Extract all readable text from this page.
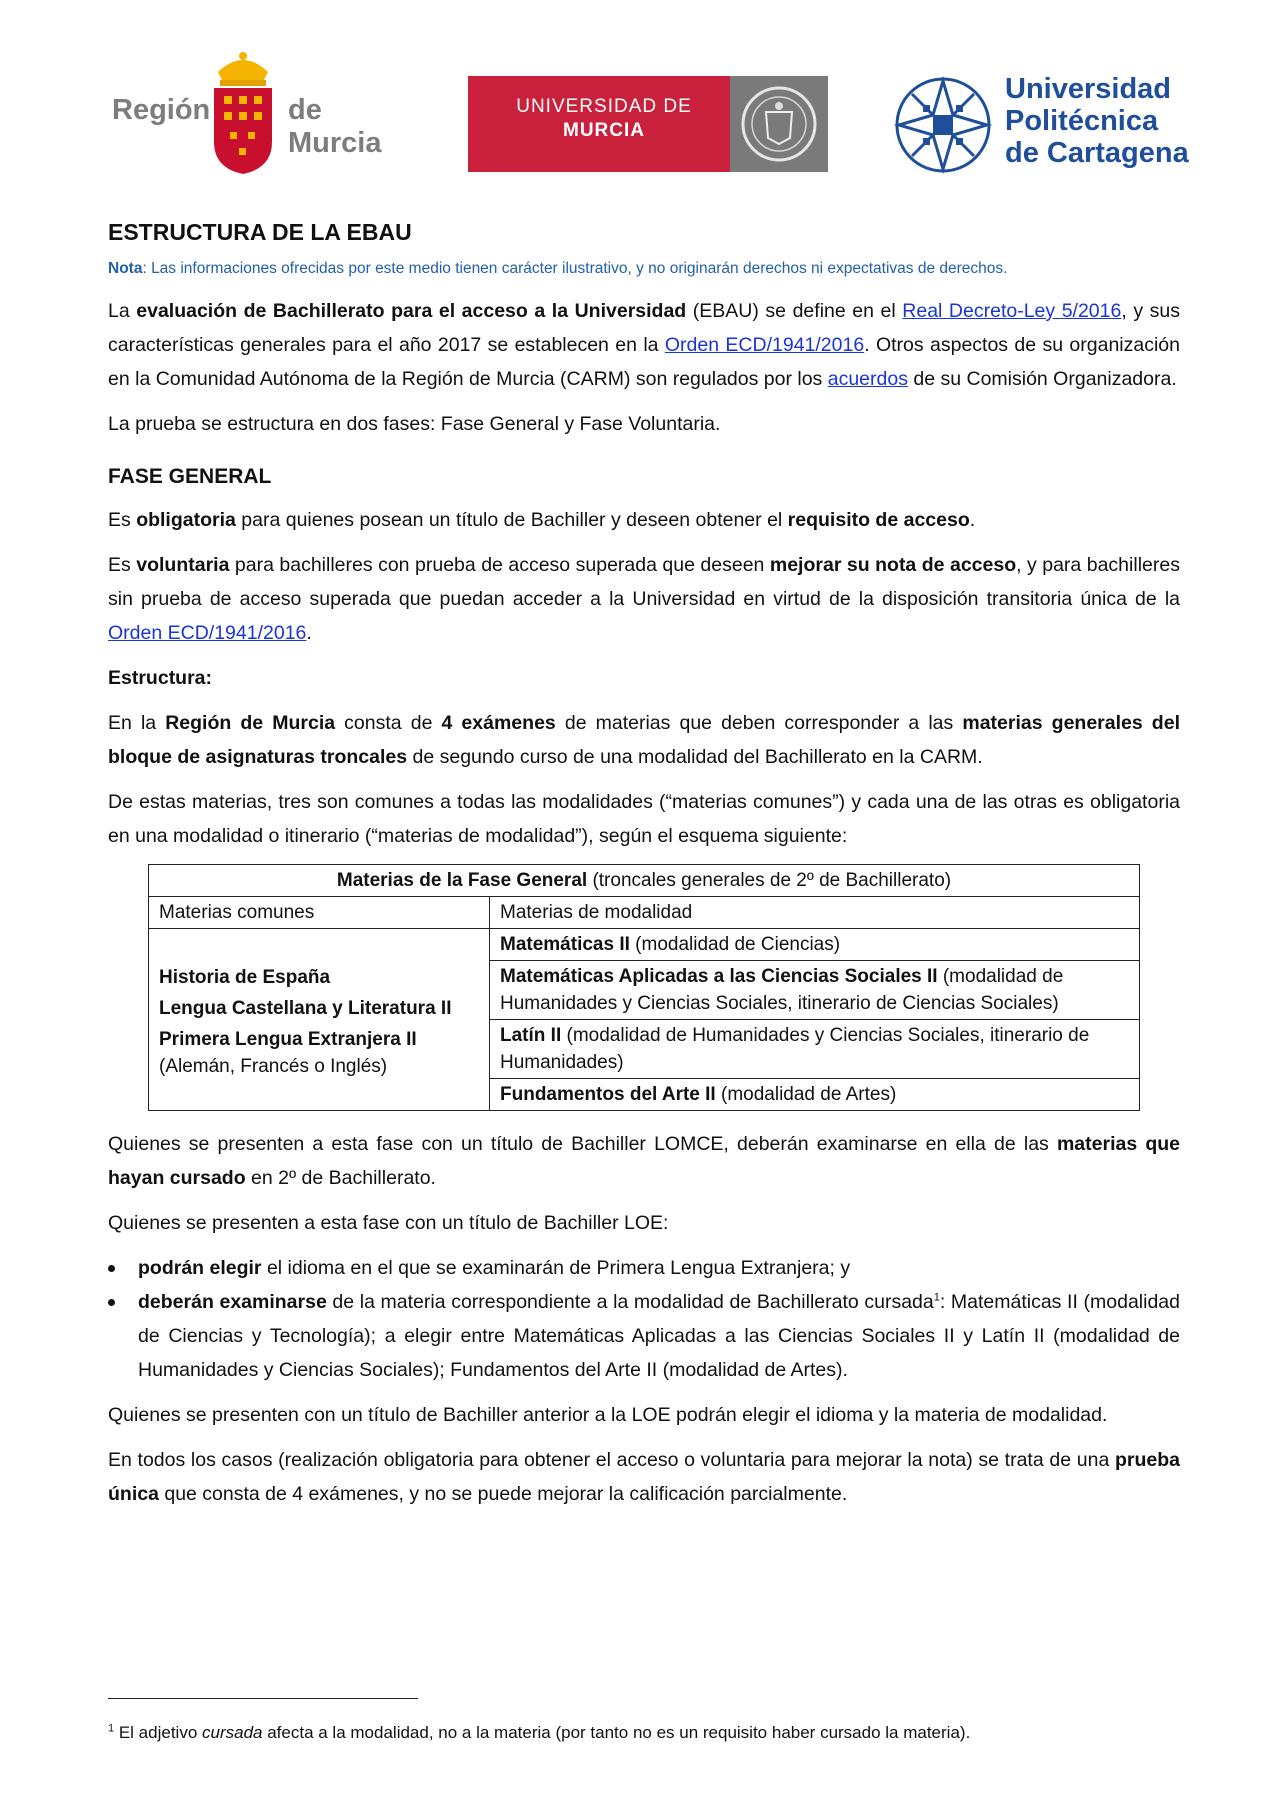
Región	de Murcia
UNIVERSIDAD DE
MURCIA
Universidad
Politécnica
de Cartagena
ESTRUCTURA DE LA EBAU
Nota: Las informaciones ofrecidas por este medio tienen carácter ilustrativo, y no originarán derechos ni expectativas de derechos.

La evaluación de Bachillerato para el acceso a la Universidad (EBAU) se define en el Real Decreto-Ley 5/2016, y sus características generales para el año 2017 se establecen en la Orden ECD/1941/2016. Otros aspectos de su organización en la Comunidad Autónoma de la Región de Murcia (CARM) son regulados por los acuerdos de su Comisión Organizadora.

La prueba se estructura en dos fases: Fase General y Fase Voluntaria.

FASE GENERAL

Es obligatoria para quienes posean un título de Bachiller y deseen obtener el requisito de acceso.

Es voluntaria para bachilleres con prueba de acceso superada que deseen mejorar su nota de acceso, y para bachilleres sin prueba de acceso superada que puedan acceder a la Universidad en virtud de la disposición transitoria única de la Orden ECD/1941/2016.

Estructura:

En la Región de Murcia consta de 4 exámenes de materias que deben corresponder a las materias generales del bloque de asignaturas troncales de segundo curso de una modalidad del Bachillerato en la CARM.

De estas materias, tres son comunes a todas las modalidades (“materias comunes”) y cada una de las otras es obligatoria en una modalidad o itinerario (“materias de modalidad”), según el esquema siguiente:

Materias de la Fase General (troncales generales de 2º de Bachillerato)	
Materias comunes	Materias de modalidad

Historia de España
Lengua Castellana y Literatura II
Primera Lengua Extranjera II
(Alemán, Francés o Inglés)	Matemáticas II (modalidad de Ciencias)
	Matemáticas Aplicadas a las Ciencias Sociales II (modalidad de Humanidades y Ciencias Sociales, itinerario de Ciencias Sociales)
	Latín II (modalidad de Humanidades y Ciencias Sociales, itinerario de Humanidades)
	Fundamentos del Arte II (modalidad de Artes)

Quienes se presenten a esta fase con un título de Bachiller LOMCE, deberán examinarse en ella de las materias que hayan cursado en 2º de Bachillerato.

Quienes se presenten a esta fase con un título de Bachiller LOE:

podrán elegir el idioma en el que se examinarán de Primera Lengua Extranjera; y
deberán examinarse de la materia correspondiente a la modalidad de Bachillerato cursada$^1$: Matemáticas II (modalidad de Ciencias y Tecnología); a elegir entre Matemáticas Aplicadas a las Ciencias Sociales II y Latín II (modalidad de Humanidades y Ciencias Sociales); Fundamentos del Arte II (modalidad de Artes).

Quienes se presenten con un título de Bachiller anterior a la LOE podrán elegir el idioma y la materia de modalidad.

En todos los casos (realización obligatoria para obtener el acceso o voluntaria para mejorar la nota) se trata de una prueba única que consta de 4 exámenes, y no se puede mejorar la calificación parcialmente.

$^1$ El adjetivo cursada afecta a la modalidad, no a la materia (por tanto no es un requisito haber cursado la materia).
